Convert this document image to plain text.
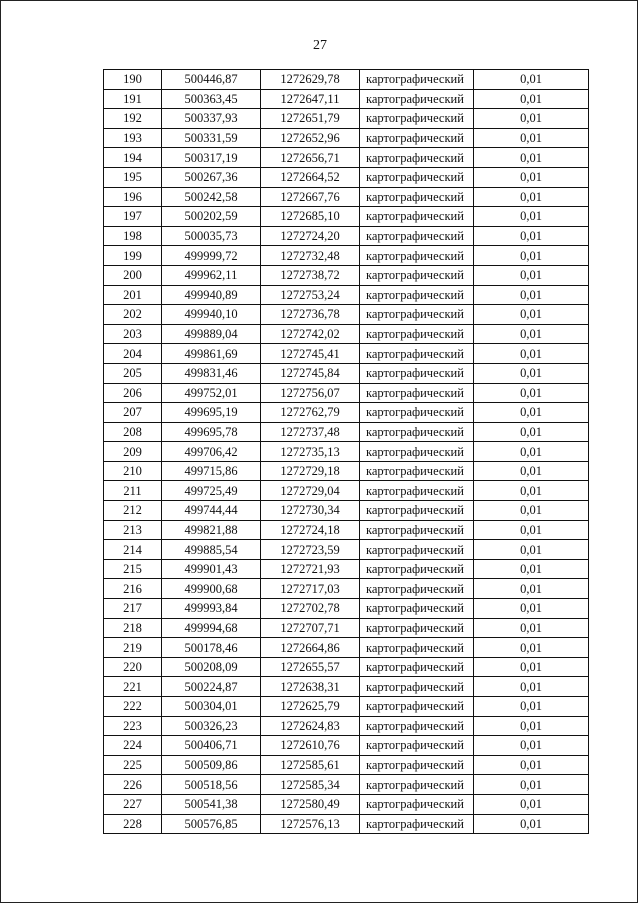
27
190	500446,87	1272629,78	картографический	0,01
191	500363,45	1272647,11	картографический	0,01
192	500337,93	1272651,79	картографический	0,01
193	500331,59	1272652,96	картографический	0,01
194	500317,19	1272656,71	картографический	0,01
195	500267,36	1272664,52	картографический	0,01
196	500242,58	1272667,76	картографический	0,01
197	500202,59	1272685,10	картографический	0,01
198	500035,73	1272724,20	картографический	0,01
199	499999,72	1272732,48	картографический	0,01
200	499962,11	1272738,72	картографический	0,01
201	499940,89	1272753,24	картографический	0,01
202	499940,10	1272736,78	картографический	0,01
203	499889,04	1272742,02	картографический	0,01
204	499861,69	1272745,41	картографический	0,01
205	499831,46	1272745,84	картографический	0,01
206	499752,01	1272756,07	картографический	0,01
207	499695,19	1272762,79	картографический	0,01
208	499695,78	1272737,48	картографический	0,01
209	499706,42	1272735,13	картографический	0,01
210	499715,86	1272729,18	картографический	0,01
211	499725,49	1272729,04	картографический	0,01
212	499744,44	1272730,34	картографический	0,01
213	499821,88	1272724,18	картографический	0,01
214	499885,54	1272723,59	картографический	0,01
215	499901,43	1272721,93	картографический	0,01
216	499900,68	1272717,03	картографический	0,01
217	499993,84	1272702,78	картографический	0,01
218	499994,68	1272707,71	картографический	0,01
219	500178,46	1272664,86	картографический	0,01
220	500208,09	1272655,57	картографический	0,01
221	500224,87	1272638,31	картографический	0,01
222	500304,01	1272625,79	картографический	0,01
223	500326,23	1272624,83	картографический	0,01
224	500406,71	1272610,76	картографический	0,01
225	500509,86	1272585,61	картографический	0,01
226	500518,56	1272585,34	картографический	0,01
227	500541,38	1272580,49	картографический	0,01
228	500576,85	1272576,13	картографический	0,01
